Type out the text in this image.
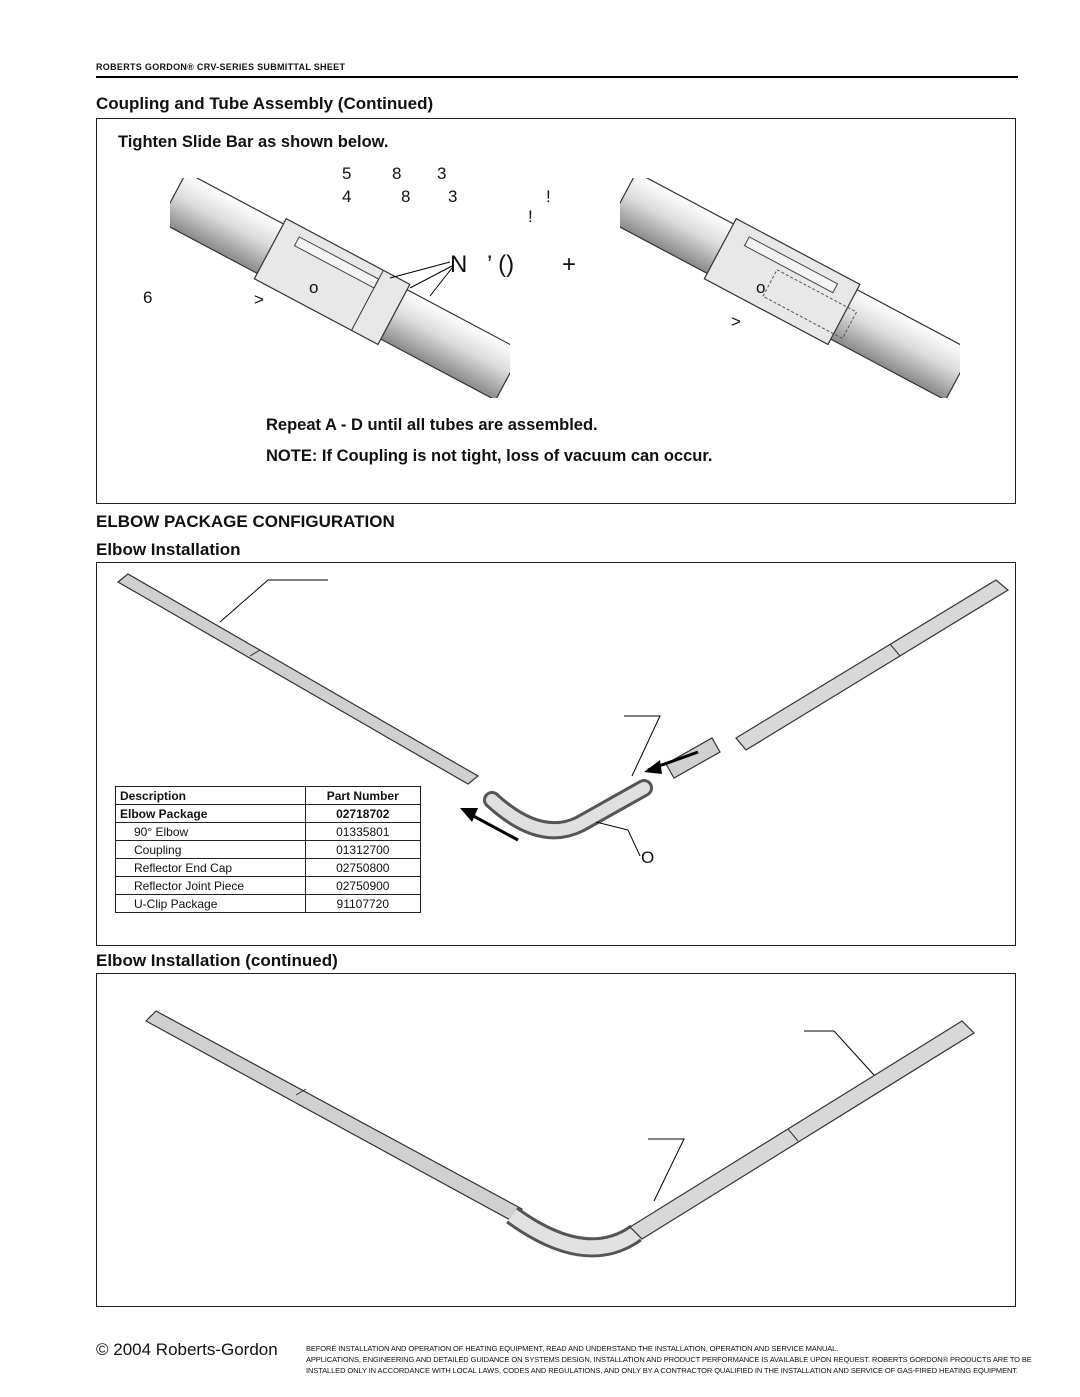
ROBERTS GORDON® CRV-SERIES SUBMITTAL SHEET
Coupling and Tube Assembly (Continued)
Tighten Slide Bar as shown below.
5 8 3
4	8 3	!
!
N ’ () +
6	>
o	o
>
Repeat A - D until all tubes are assembled.
NOTE: If Coupling is not tight, loss of vacuum can occur.
ELBOW PACKAGE CONFIGURATION
Elbow Installation
O
Description	Part Number
Elbow Package	02718702
90° Elbow	01335801
Coupling	01312700
Reflector End Cap	02750800
Reflector Joint Piece	02750900
U-Clip Package	91107720
Elbow Installation (continued)
© 2004 Roberts-Gordon	BEFORE INSTALLATION AND OPERATION OF HEATING EQUIPMENT, READ AND UNDERSTAND THE INSTALLATION, OPERATION AND SERVICE MANUAL.
APPLICATIONS, ENGINEERING AND DETAILED GUIDANCE ON SYSTEMS DESIGN, INSTALLATION AND PRODUCT PERFORMANCE IS AVAILABLE UPON REQUEST. ROBERTS GORDON® PRODUCTS ARE TO BE
INSTALLED ONLY IN ACCORDANCE WITH LOCAL LAWS, CODES AND REGULATIONS, AND ONLY BY A CONTRACTOR QUALIFIED IN THE INSTALLATION AND SERVICE OF GAS-FIRED HEATING EQUIPMENT.
